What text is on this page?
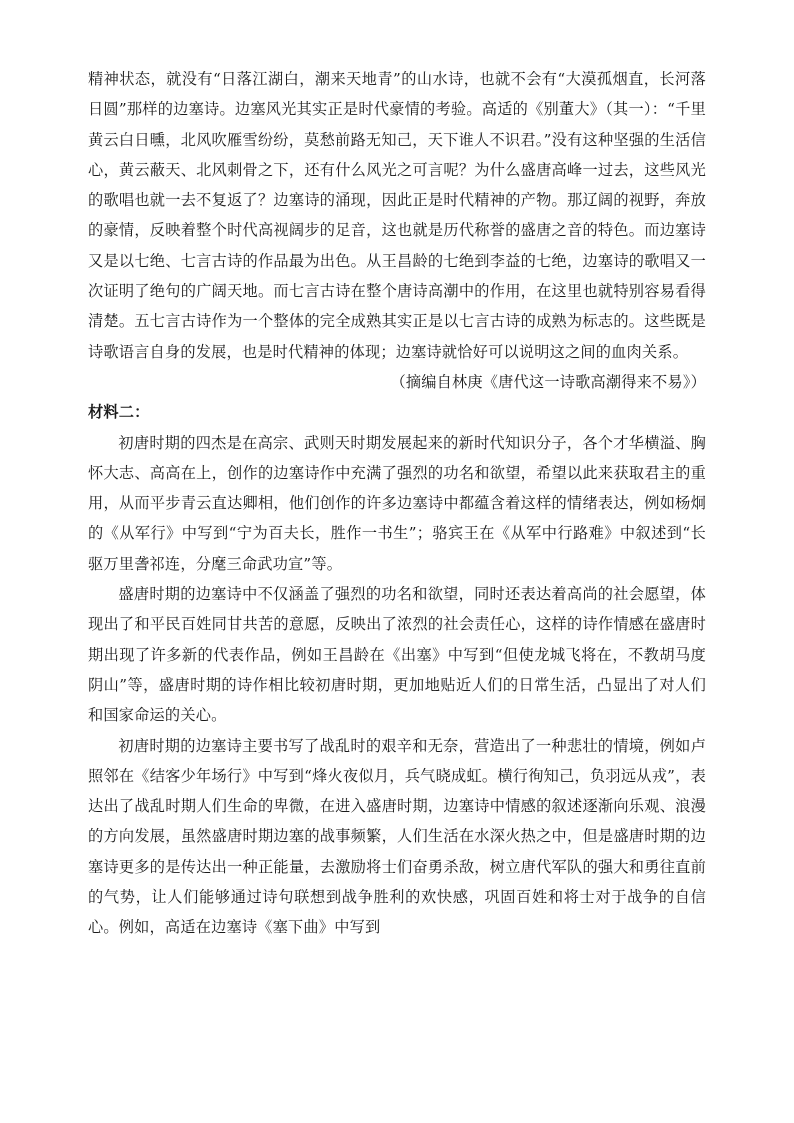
精神状态，就没有“日落江湖白，潮来天地青”的山水诗，也就不会有“大漠孤烟直，长河落日圆”那样的边塞诗。边塞风光其实正是时代豪情的考验。高适的《别董大》（其一）：“千里黄云白日曛，北风吹雁雪纷纷，莫愁前路无知己，天下谁人不识君。”没有这种坚强的生活信心，黄云蔽天、北风刺骨之下，还有什么风光之可言呢？为什么盛唐高峰一过去，这些风光的歌唱也就一去不复返了？边塞诗的涌现，因此正是时代精神的产物。那辽阔的视野，奔放的豪情，反映着整个时代高视阔步的足音，这也就是历代称誉的盛唐之音的特色。而边塞诗又是以七绝、七言古诗的作品最为出色。从王昌龄的七绝到李益的七绝，边塞诗的歌唱又一次证明了绝句的广阔天地。而七言古诗在整个唐诗高潮中的作用，在这里也就特别容易看得清楚。五七言古诗作为一个整体的完全成熟其实正是以七言古诗的成熟为标志的。这些既是诗歌语言自身的发展，也是时代精神的体现；边塞诗就恰好可以说明这之间的血肉关系。

（摘编自林庚《唐代这一诗歌高潮得来不易》）

材料二：

初唐时期的四杰是在高宗、武则天时期发展起来的新时代知识分子，各个才华横溢、胸怀大志、高高在上，创作的边塞诗作中充满了强烈的功名和欲望，希望以此来获取君主的重用，从而平步青云直达卿相，他们创作的许多边塞诗中都蕴含着这样的情绪表达，例如杨炯的《从军行》中写到“宁为百夫长，胜作一书生”；骆宾王在《从军中行路难》中叙述到“长驱万里詟祁连，分麾三命武功宣”等。

盛唐时期的边塞诗中不仅涵盖了强烈的功名和欲望，同时还表达着高尚的社会愿望，体现出了和平民百姓同甘共苦的意愿，反映出了浓烈的社会责任心，这样的诗作情感在盛唐时期出现了许多新的代表作品，例如王昌龄在《出塞》中写到“但使龙城飞将在，不教胡马度阴山”等，盛唐时期的诗作相比较初唐时期，更加地贴近人们的日常生活，凸显出了对人们和国家命运的关心。

初唐时期的边塞诗主要书写了战乱时的艰辛和无奈，营造出了一种悲壮的情境，例如卢照邻在《结客少年场行》中写到“烽火夜似月，兵气晓成虹。横行徇知己，负羽远从戎”，表达出了战乱时期人们生命的卑微，在进入盛唐时期，边塞诗中情感的叙述逐渐向乐观、浪漫的方向发展，虽然盛唐时期边塞的战事频繁，人们生活在水深火热之中，但是盛唐时期的边塞诗更多的是传达出一种正能量，去激励将士们奋勇杀敌，树立唐代军队的强大和勇往直前的气势，让人们能够通过诗句联想到战争胜利的欢快感，巩固百姓和将士对于战争的自信心。例如，高适在边塞诗《塞下曲》中写到
